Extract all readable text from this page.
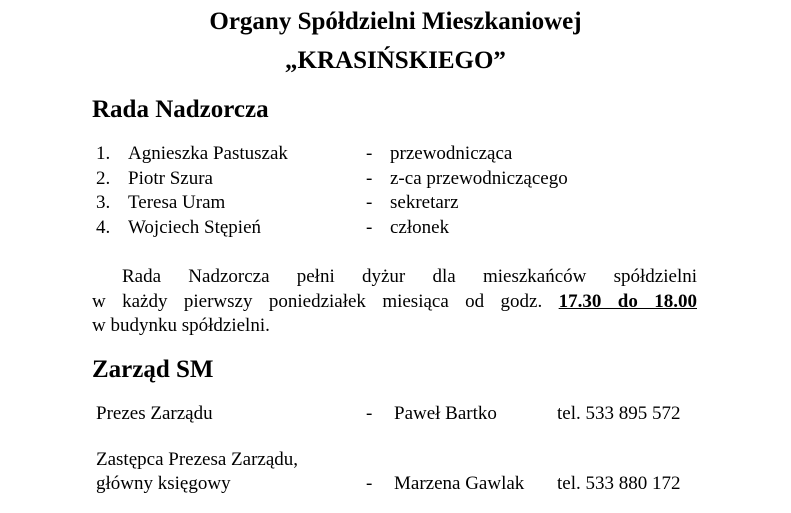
Organy Spółdzielni Mieszkaniowej
„KRASIŃSKIEGO”
Rada Nadzorcza
1. Agnieszka Pastuszak	- przewodnicząca
2. Piotr Szura	- z-ca przewodniczącego
3. Teresa Uram	- sekretarz
4. Wojciech Stępień	- członek
Rada Nadzorcza pełni dyżur dla mieszkańców spółdzielni
w każdy pierwszy poniedziałek miesiąca od godz. 17.30 do 18.00
w budynku spółdzielni.
Zarząd SM
Prezes Zarządu	- Paweł Bartko	tel. 533 895 572
Zastępca Prezesa Zarządu,
główny księgowy	- Marzena Gawlak tel. 533 880 172
